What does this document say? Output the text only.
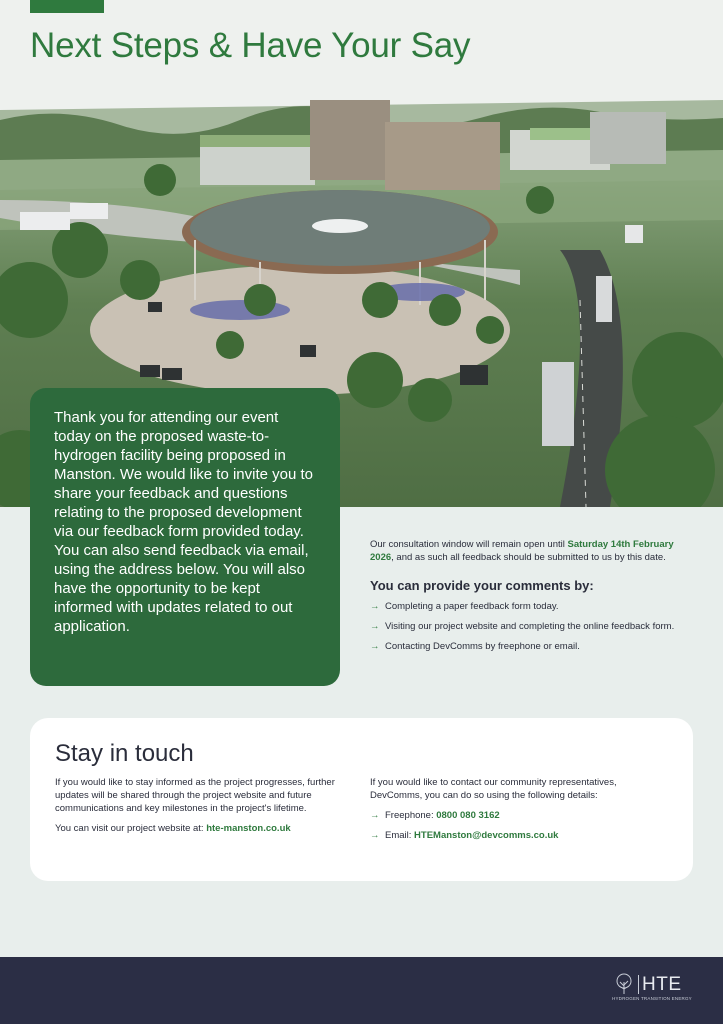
Next Steps & Have Your Say

Thank you for attending our event today on the proposed waste-to-hydrogen facility being proposed in Manston. We would like to invite you to share your feedback and questions relating to the proposed development via our feedback form provided today. You can also send feedback via email, using the address below. You will also have the opportunity to be kept informed with updates related to out application.

Our consultation window will remain open until Saturday 14th February 2026, and as such all feedback should be submitted to us by this date.

You can provide your comments by:
→ Completing a paper feedback form today.
→ Visiting our project website and completing the online feedback form.
→ Contacting DevComms by freephone or email.
Stay in touch

If you would like to stay informed as the project progresses, further updates will be shared through the project website and future communications and key milestones in the project's lifetime.

You can visit our project website at: hte-manston.co.uk

If you would like to contact our community representatives, DevComms, you can do so using the following details:

→ Freephone: 0800 080 3162
→ Email: HTEManston@devcomms.co.uk
HTE
HYDROGEN TRANSITION ENERGY
